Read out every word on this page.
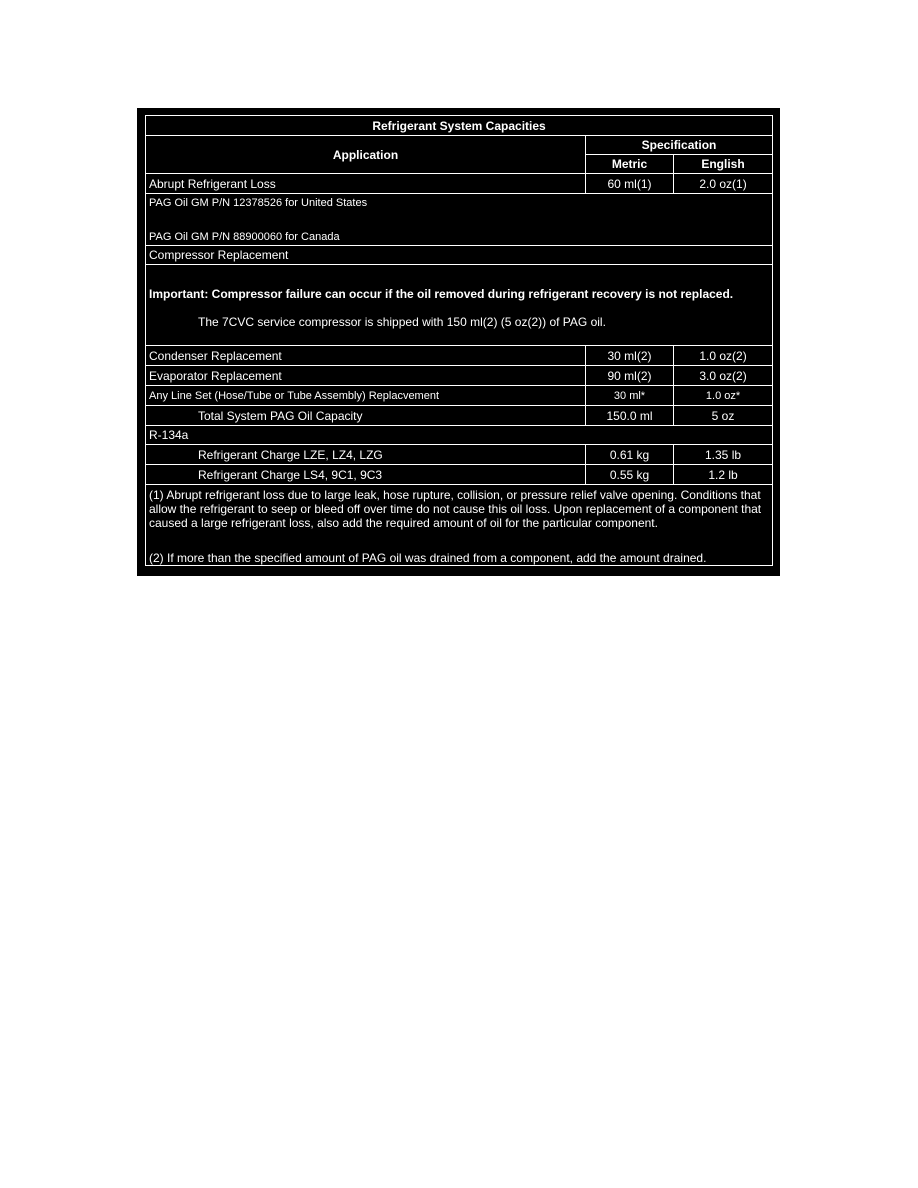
Refrigerant System Capacities		
Application	Specification	
	Metric	English
Abrupt Refrigerant Loss	60 ml(1)	2.0 oz(1)

PAG Oil GM P/N 12378526 for United States
PAG Oil GM P/N 88900060 for Canada		

Compressor Replacement		

Important: Compressor failure can occur if the oil removed during refrigerant recovery is not replaced.
The 7CVC service compressor is shipped with 150 ml(2) (5 oz(2)) of PAG oil.		

Condenser Replacement	30 ml(2)	1.0 oz(2)
Evaporator Replacement	90 ml(2)	3.0 oz(2)
Any Line Set (Hose/Tube or Tube Assembly) Replacvement	30 ml*	1.0 oz*
Total System PAG Oil Capacity	150.0 ml	5 oz
R-134a		
Refrigerant Charge LZE, LZ4, LZG	0.61 kg	1.35 lb
Refrigerant Charge LS4, 9C1, 9C3	0.55 kg	1.2 lb

(1) Abrupt refrigerant loss due to large leak, hose rupture, collision, or pressure relief valve opening. Conditions that allow the refrigerant to seep or bleed off over time do not cause this oil loss. Upon replacement of a component that caused a large refrigerant loss, also add the required amount of oil for the particular component.
(2) If more than the specified amount of PAG oil was drained from a component, add the amount drained.		
